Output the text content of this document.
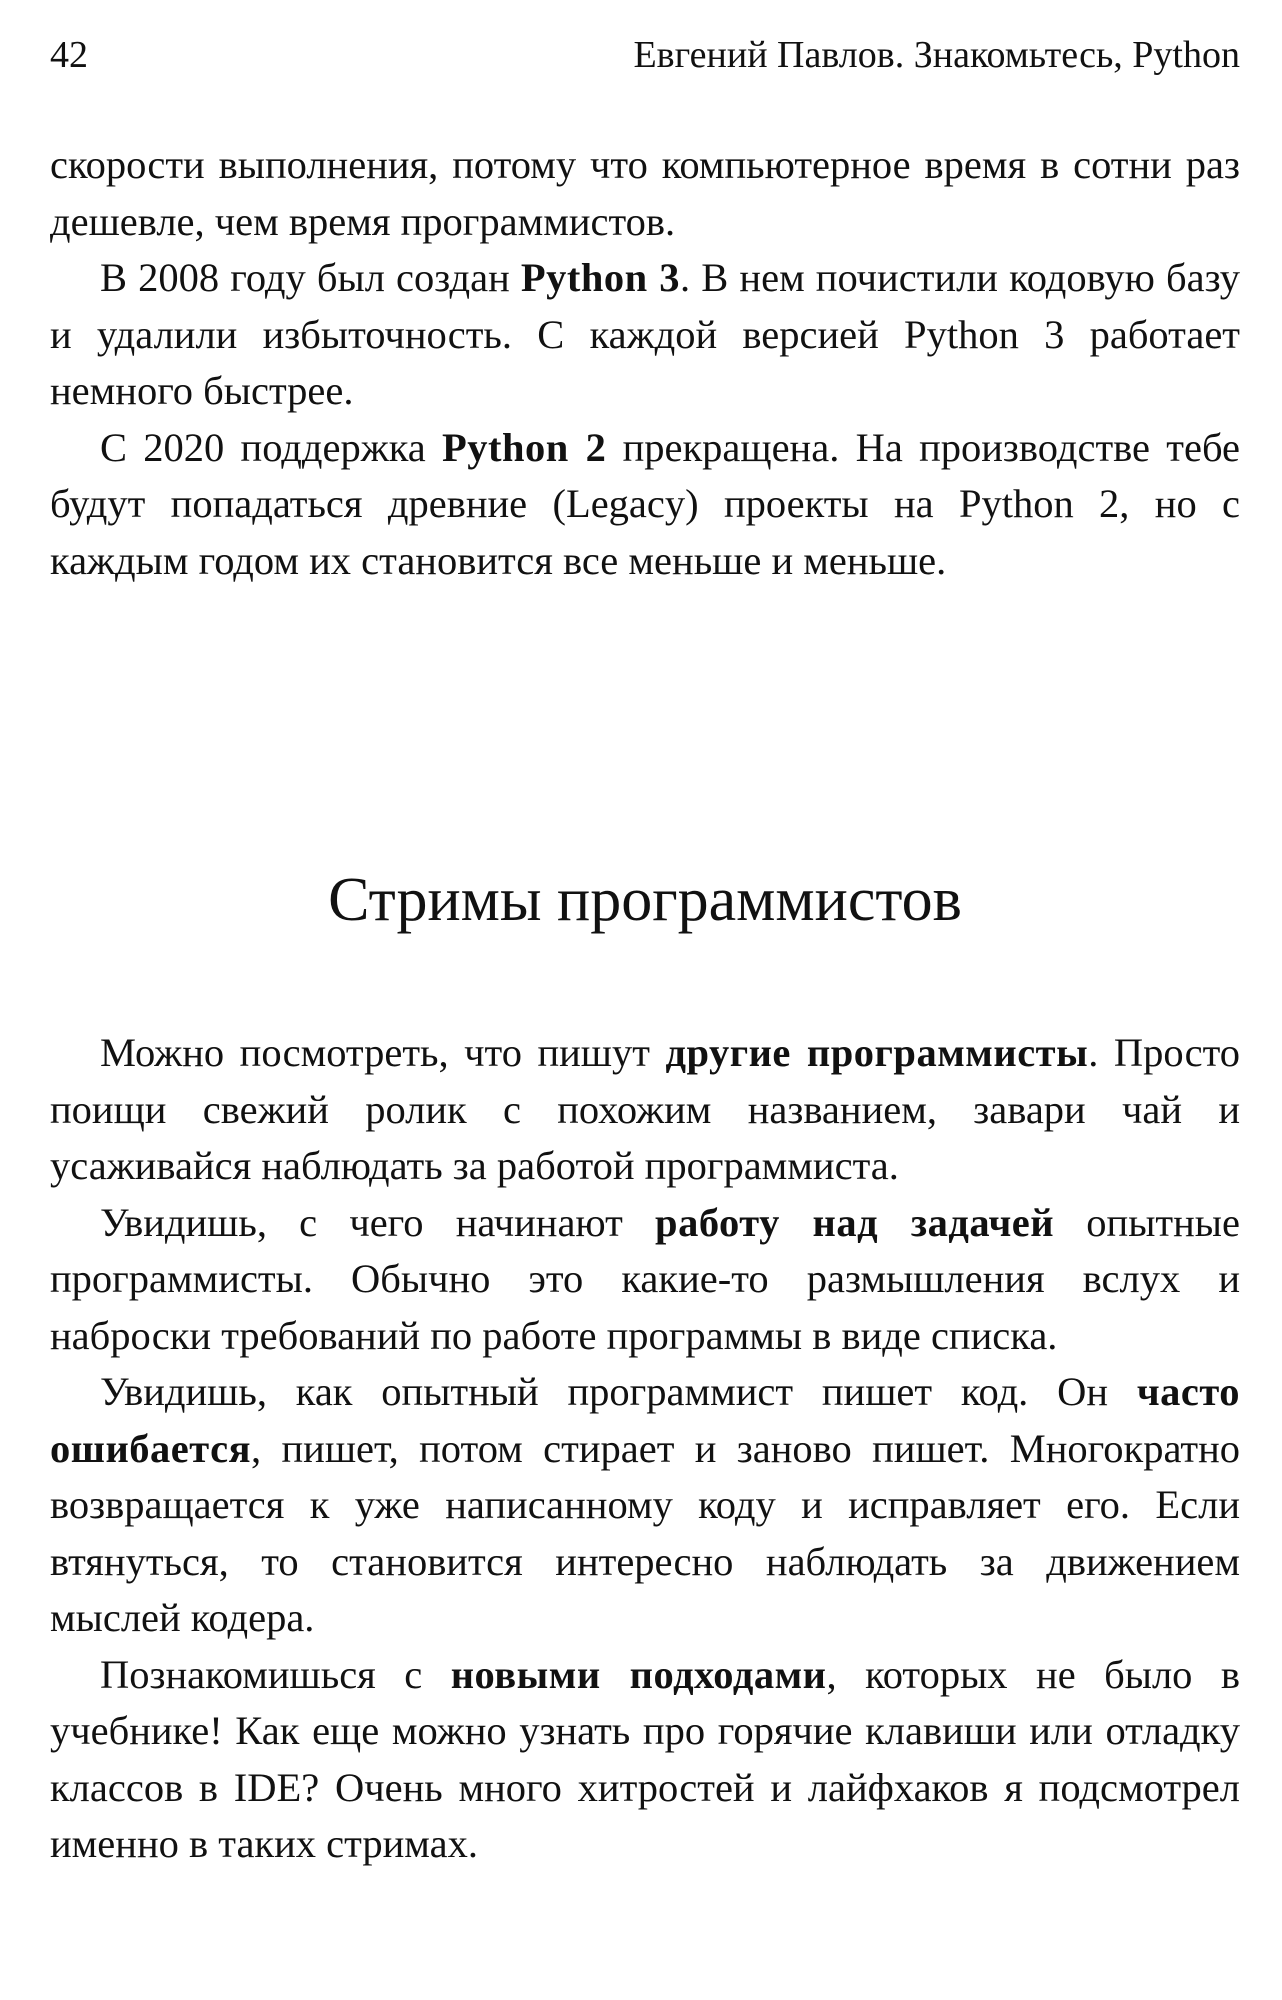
42	Евгений Павлов. Знакомьтесь, Python

скорости выполнения, потому что компьютерное время в сотни раз дешевле, чем время программистов.

В 2008 году был создан Python 3. В нем почистили кодовую базу и удалили избыточность. С каждой версией Python 3 работает немного быстрее.

С 2020 поддержка Python 2 прекращена. На производстве тебе будут попадаться древние (Legacy) проекты на Python 2, но с каждым годом их становится все меньше и меньше.

Стримы программистов

Можно посмотреть, что пишут другие программисты. Просто поищи свежий ролик с похожим названием, завари чай и усаживайся наблюдать за работой программиста.

Увидишь, с чего начинают работу над задачей опытные программисты. Обычно это какие-то размышления вслух и наброски требований по работе программы в виде списка.

Увидишь, как опытный программист пишет код. Он часто ошибается, пишет, потом стирает и заново пишет. Многократно возвращается к уже написанному коду и исправляет его. Если втянуться, то становится интересно наблюдать за движением мыслей кодера.

Познакомишься с новыми подходами, которых не было в учебнике! Как еще можно узнать про горячие клавиши или отладку классов в IDE? Очень много хитростей и лайфхаков я подсмотрел именно в таких стримах.
